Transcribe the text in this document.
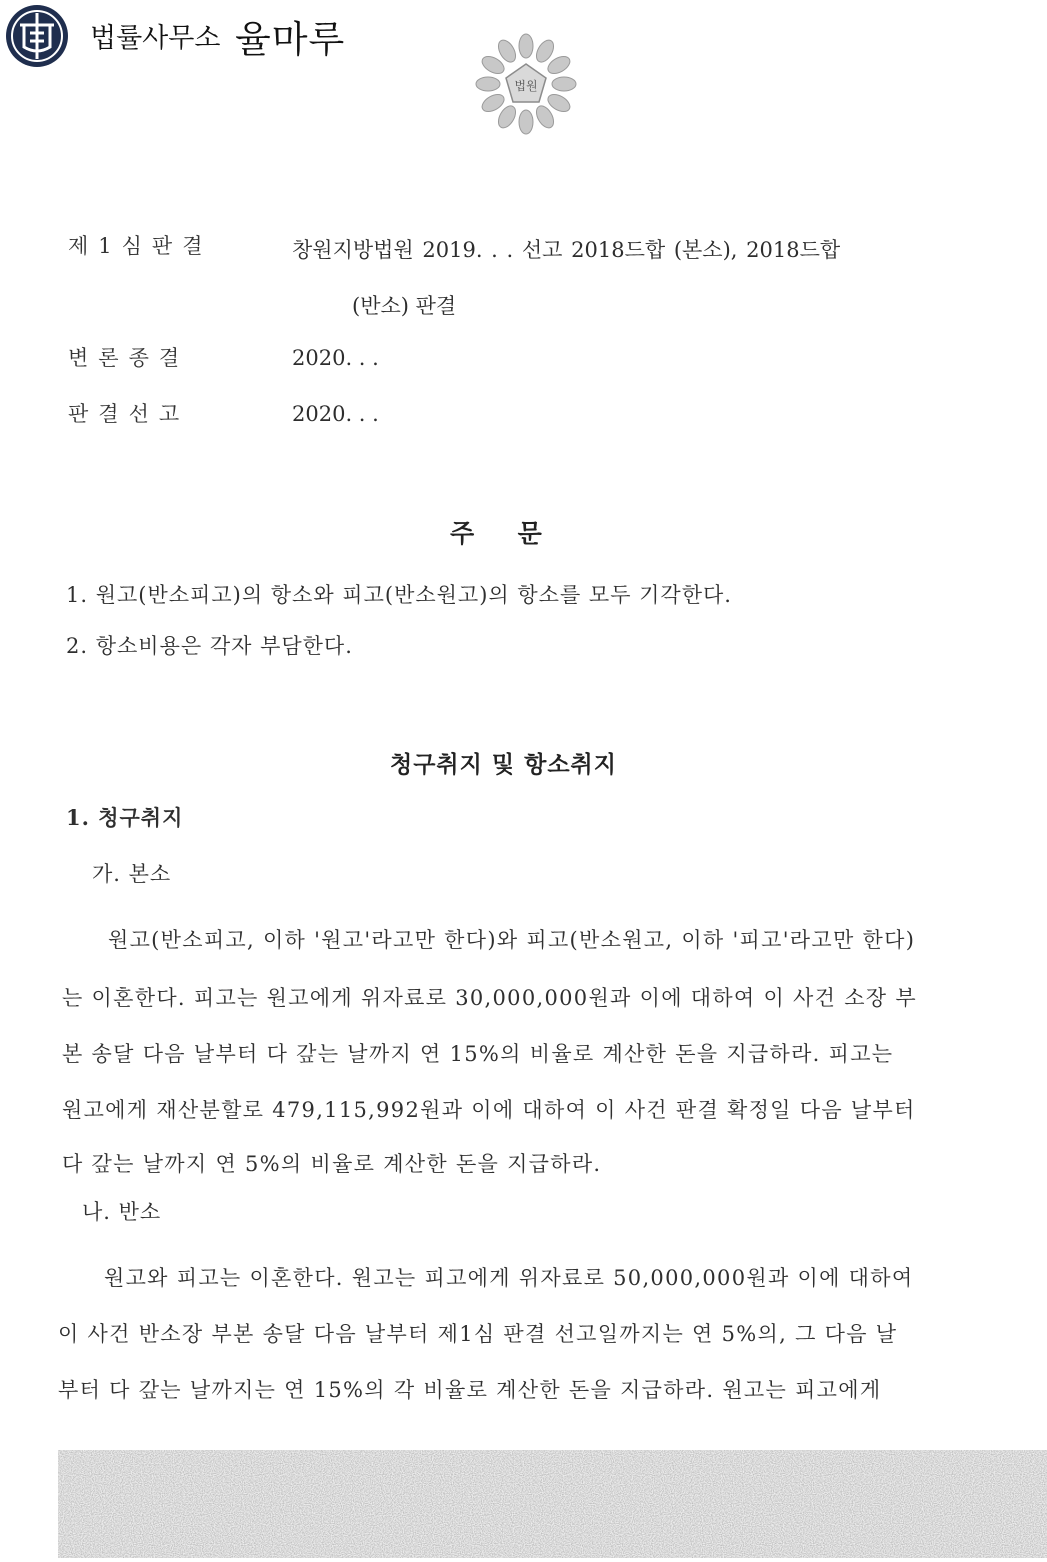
법률사무소 율마루
법원
제1심판결	창원지방법원 2019. . . 선고 2018드합 (본소), 2018드합
(반소) 판결
변론종결	2020. . .
판결선고	2020. . .
주     문
1. 원고(반소피고)의 항소와 피고(반소원고)의 항소를 모두 기각한다.
2. 항소비용은 각자 부담한다.
청구취지 및 항소취지
1. 청구취지
가. 본소
원고(반소피고, 이하 '원고'라고만 한다)와 피고(반소원고, 이하 '피고'라고만 한다)
는 이혼한다. 피고는 원고에게 위자료로 30,000,000원과 이에 대하여 이 사건 소장 부
본 송달 다음 날부터 다 갚는 날까지 연 15%의 비율로 계산한 돈을 지급하라. 피고는
원고에게 재산분할로 479,115,992원과 이에 대하여 이 사건 판결 확정일 다음 날부터
다 갚는 날까지 연 5%의 비율로 계산한 돈을 지급하라.
나. 반소
원고와 피고는 이혼한다. 원고는 피고에게 위자료로 50,000,000원과 이에 대하여
이 사건 반소장 부본 송달 다음 날부터 제1심 판결 선고일까지는 연 5%의, 그 다음 날
부터 다 갚는 날까지는 연 15%의 각 비율로 계산한 돈을 지급하라. 원고는 피고에게
